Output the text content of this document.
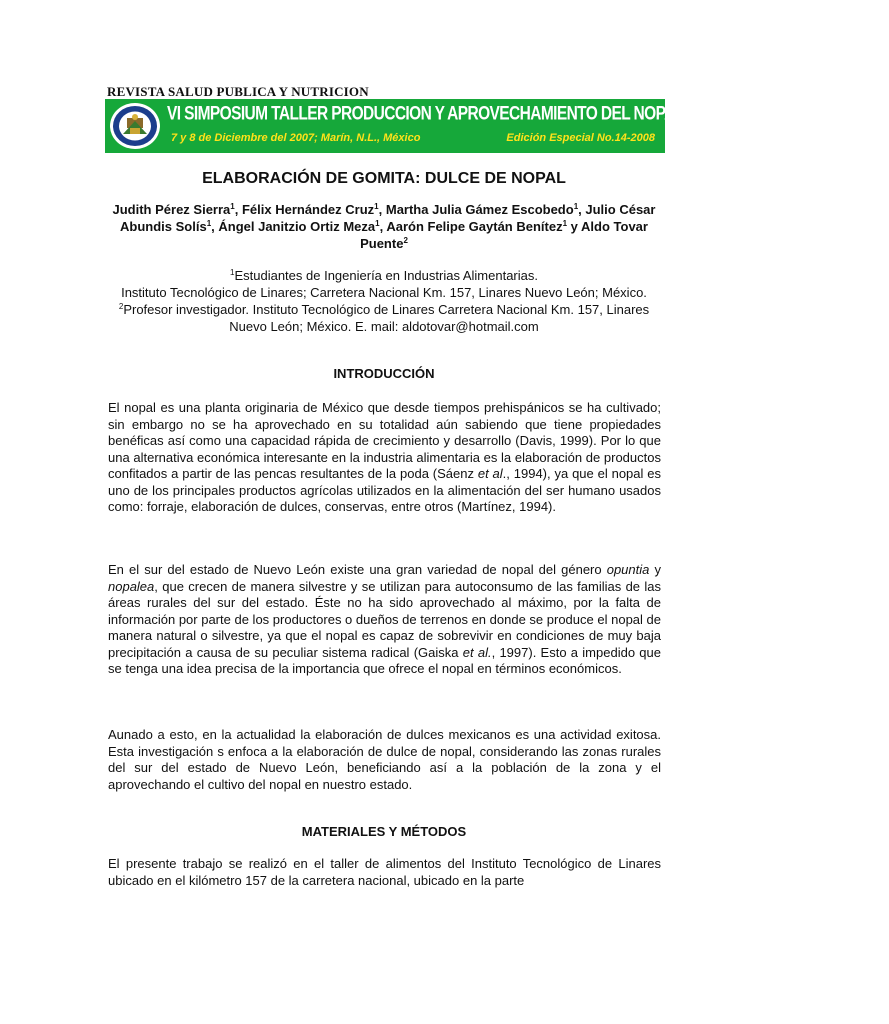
REVISTA SALUD PUBLICA Y NUTRICION
VI SIMPOSIUM TALLER PRODUCCION Y APROVECHAMIENTO DEL NOPAL EN EL NORESTE DE MÉXICO
7 y 8 de Diciembre del 2007; Marín, N.L., México	Edición Especial No.14-2008
ELABORACIÓN DE GOMITA: DULCE DE NOPAL
Judith Pérez Sierra$^1$, Félix Hernández Cruz$^1$, Martha Julia Gámez Escobedo$^1$, Julio César Abundis Solís$^1$, Ángel Janitzio Ortiz Meza$^1$, Aarón Felipe Gaytán Benítez$^1$ y Aldo Tovar Puente$^2$
$^1$Estudiantes de Ingeniería en Industrias Alimentarias.
Instituto Tecnológico de Linares; Carretera Nacional Km. 157, Linares Nuevo León; México.
$^2$Profesor investigador. Instituto Tecnológico de Linares Carretera Nacional Km. 157, Linares Nuevo León; México. E. mail: aldotovar@hotmail.com
INTRODUCCIÓN

El nopal es una planta originaria de México que desde tiempos prehispánicos se ha cultivado; sin embargo no se ha aprovechado en su totalidad aún sabiendo que tiene propiedades benéficas así como una capacidad rápida de crecimiento y desarrollo (Davis, 1999). Por lo que una alternativa económica interesante en la industria alimentaria es la elaboración de productos confitados a partir de las pencas resultantes de la poda (Sáenz et al., 1994), ya que el nopal es uno de los principales productos agrícolas utilizados en la alimentación del ser humano usados como: forraje, elaboración de dulces, conservas, entre otros (Martínez, 1994).

En el sur del estado de Nuevo León existe una gran variedad de nopal del género opuntia y nopalea, que crecen de manera silvestre y se utilizan para autoconsumo de las familias de las áreas rurales del sur del estado. Éste no ha sido aprovechado al máximo, por la falta de información por parte de los productores o dueños de terrenos en donde se produce el nopal de manera natural o silvestre, ya que el nopal es capaz de sobrevivir en condiciones de muy baja precipitación a causa de su peculiar sistema radical (Gaiska et al., 1997). Esto a impedido que se tenga una idea precisa de la importancia que ofrece el nopal en términos económicos.

Aunado a esto, en la actualidad la elaboración de dulces mexicanos es una actividad exitosa. Esta investigación s enfoca a la elaboración de dulce de nopal, considerando las zonas rurales del sur del estado de Nuevo León, beneficiando así a la población de la zona y el aprovechando el cultivo del nopal en nuestro estado.

MATERIALES Y MÉTODOS

El presente trabajo se realizó en el taller de alimentos del Instituto Tecnológico de Linares ubicado en el kilómetro 157 de la carretera nacional, ubicado en la parte
